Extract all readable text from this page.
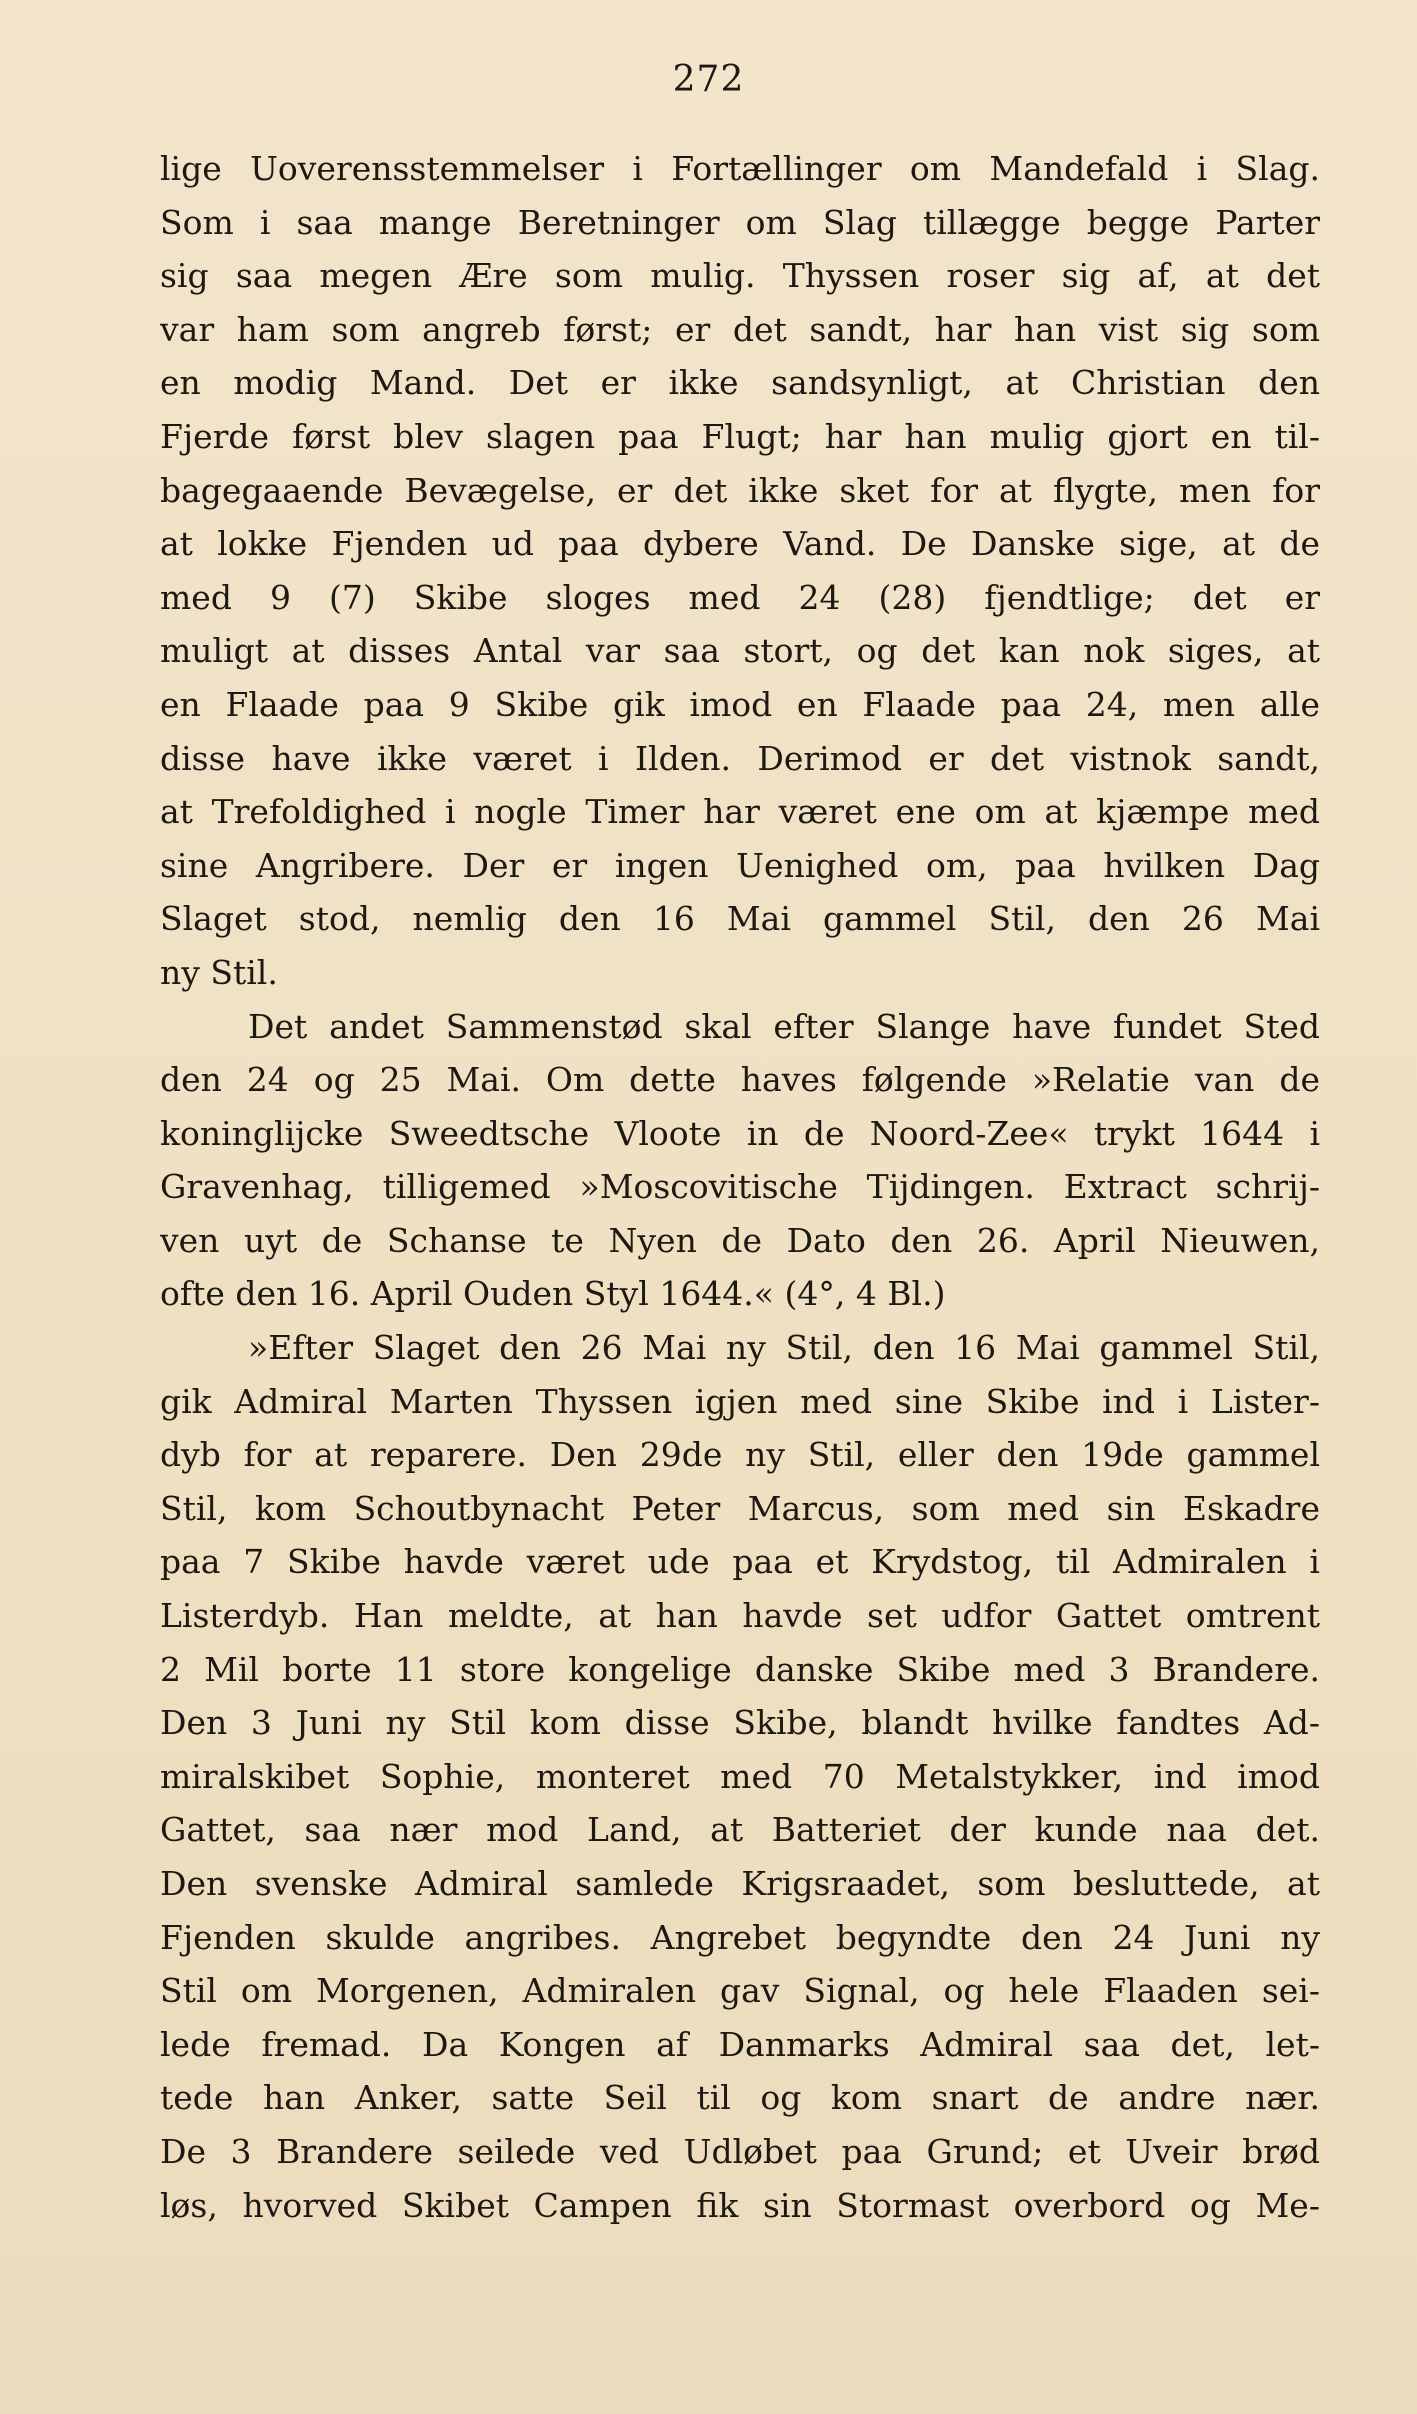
272
lige Uoverensstemmelser i Fortællinger om Mandefald i Slag.
Som i saa mange Beretninger om Slag tillægge begge Parter
sig saa megen Ære som mulig. Thyssen roser sig af, at det
var ham som angreb først; er det sandt, har han vist sig som
en modig Mand. Det er ikke sandsynligt, at Christian den
Fjerde først blev slagen paa Flugt; har han mulig gjort en til-
bagegaaende Bevægelse, er det ikke sket for at flygte, men for
at lokke Fjenden ud paa dybere Vand. De Danske sige, at de
med 9 (7) Skibe sloges med 24 (28) fjendtlige; det er
muligt at disses Antal var saa stort, og det kan nok siges, at
en Flaade paa 9 Skibe gik imod en Flaade paa 24, men alle
disse have ikke været i Ilden. Derimod er det vistnok sandt,
at Trefoldighed i nogle Timer har været ene om at kjæmpe med
sine Angribere. Der er ingen Uenighed om, paa hvilken Dag
Slaget stod, nemlig den 16 Mai gammel Stil, den 26 Mai
ny Stil.
Det andet Sammenstød skal efter Slange have fundet Sted
den 24 og 25 Mai. Om dette haves følgende »Relatie van de
koninglijcke Sweedtsche Vloote in de Noord-Zee« trykt 1644 i
Gravenhag, tilligemed »Moscovitische Tijdingen. Extract schrij-
ven uyt de Schanse te Nyen de Dato den 26. April Nieuwen,
ofte den 16. April Ouden Styl 1644.« (4°, 4 Bl.)
»Efter Slaget den 26 Mai ny Stil, den 16 Mai gammel Stil,
gik Admiral Marten Thyssen igjen med sine Skibe ind i Lister-
dyb for at reparere. Den 29de ny Stil, eller den 19de gammel
Stil, kom Schoutbynacht Peter Marcus, som med sin Eskadre
paa 7 Skibe havde været ude paa et Krydstog, til Admiralen i
Listerdyb. Han meldte, at han havde set udfor Gattet omtrent
2 Mil borte 11 store kongelige danske Skibe med 3 Brandere.
Den 3 Juni ny Stil kom disse Skibe, blandt hvilke fandtes Ad-
miralskibet Sophie, monteret med 70 Metalstykker, ind imod
Gattet, saa nær mod Land, at Batteriet der kunde naa det.
Den svenske Admiral samlede Krigsraadet, som besluttede, at
Fjenden skulde angribes. Angrebet begyndte den 24 Juni ny
Stil om Morgenen, Admiralen gav Signal, og hele Flaaden sei-
lede fremad. Da Kongen af Danmarks Admiral saa det, let-
tede han Anker, satte Seil til og kom snart de andre nær.
De 3 Brandere seilede ved Udløbet paa Grund; et Uveir brød
løs, hvorved Skibet Campen fik sin Stormast overbord og Me-
